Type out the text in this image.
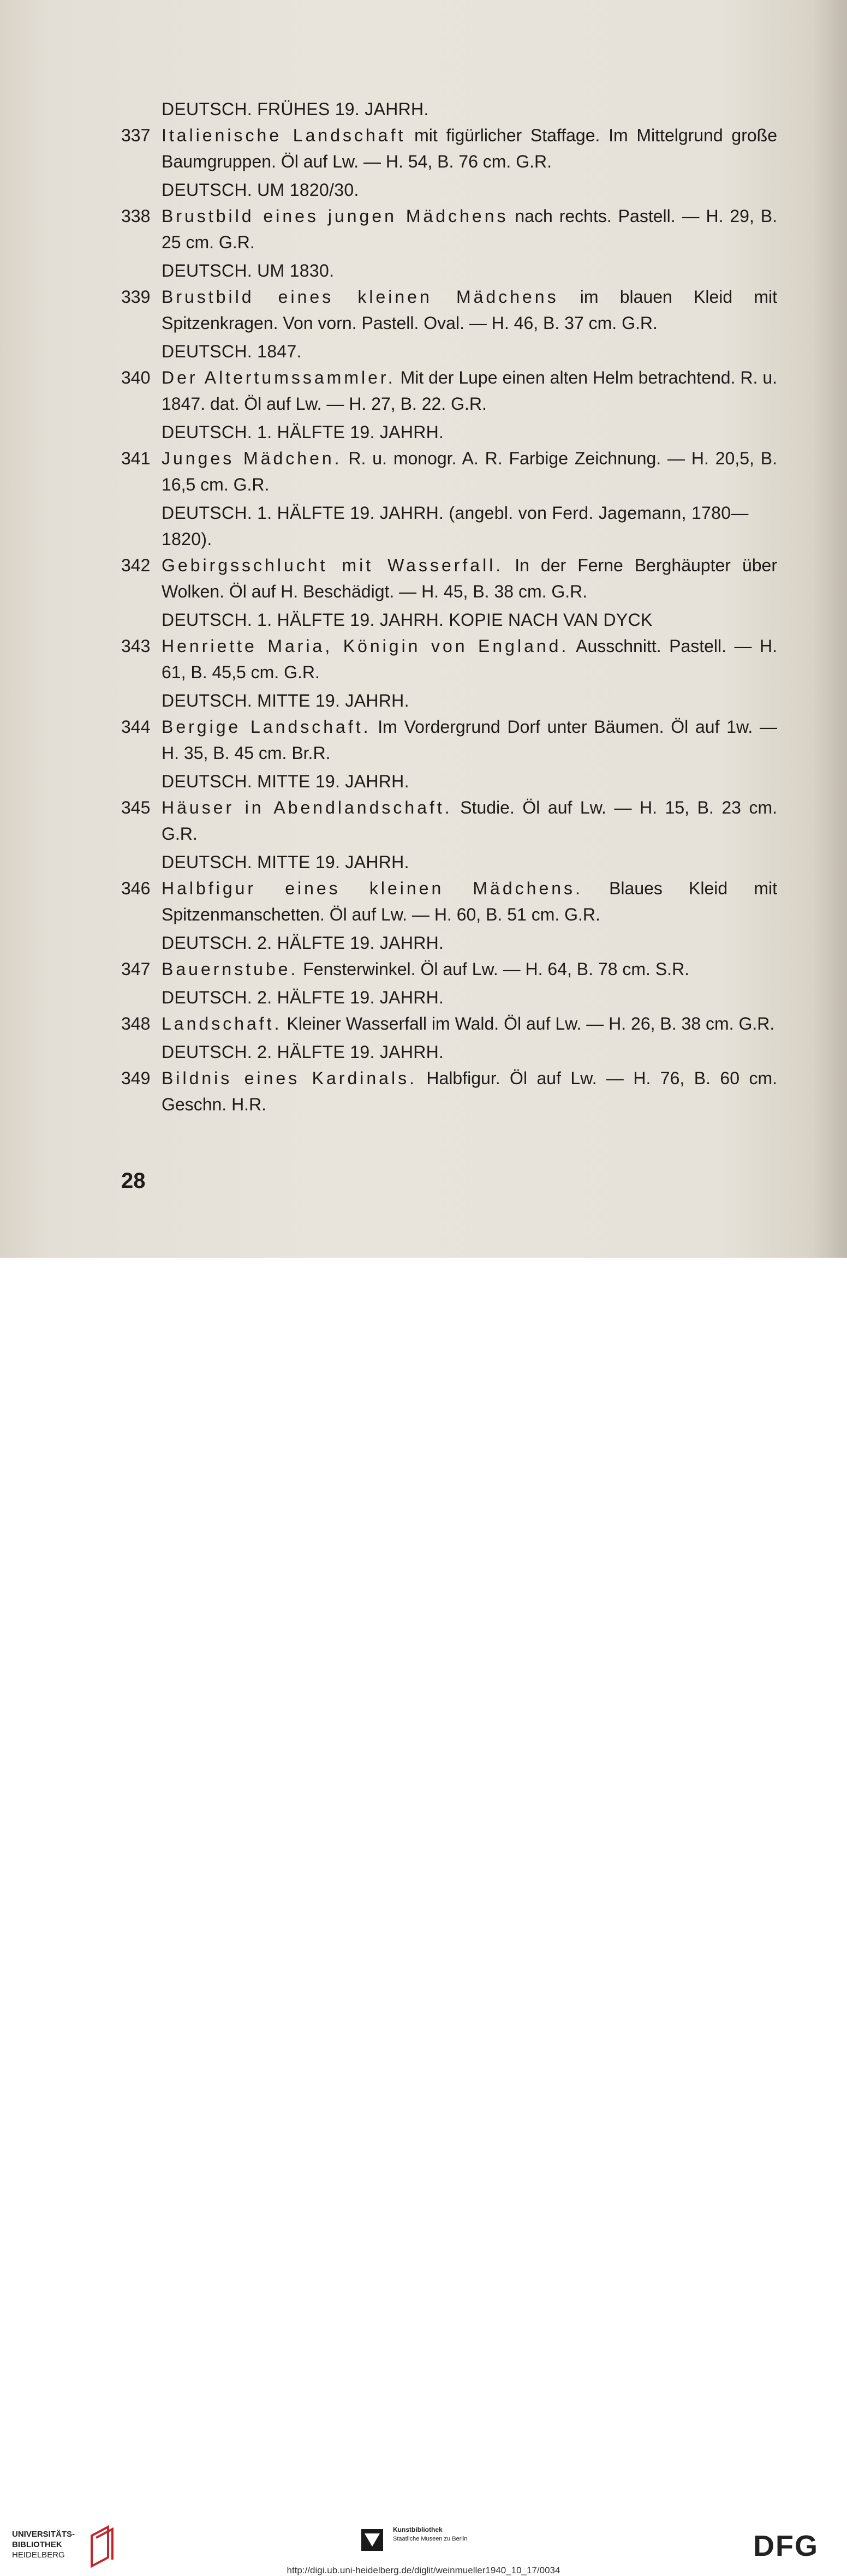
DEUTSCH. FRÜHES 19. JAHRH.
337 Italienische Landschaft mit figürlicher Staffage. Im Mittelgrund große Baumgruppen. Öl auf Lw. — H. 54, B. 76 cm. G.R.
DEUTSCH. UM 1820/30.
338 Brustbild eines jungen Mädchens nach rechts. Pastell. — H. 29, B. 25 cm. G.R.
DEUTSCH. UM 1830.
339 Brustbild eines kleinen Mädchens im blauen Kleid mit Spitzenkragen. Von vorn. Pastell. Oval. — H. 46, B. 37 cm. G.R.
DEUTSCH. 1847.
340 Der Altertumssammler. Mit der Lupe einen alten Helm betrachtend. R. u. 1847. dat. Öl auf Lw. — H. 27, B. 22. G.R.
DEUTSCH. 1. HÄLFTE 19. JAHRH.
341 Junges Mädchen. R. u. monogr. A. R. Farbige Zeichnung. — H. 20,5, B. 16,5 cm. G.R.
DEUTSCH. 1. HÄLFTE 19. JAHRH. (angebl. von Ferd. Jagemann, 1780—1820).
342 Gebirgsschlucht mit Wasserfall. In der Ferne Berghäupter über Wolken. Öl auf H. Beschädigt. — H. 45, B. 38 cm. G.R.
DEUTSCH. 1. HÄLFTE 19. JAHRH. KOPIE NACH VAN DYCK
343 Henriette Maria, Königin von England. Ausschnitt. Pastell. — H. 61, B. 45,5 cm. G.R.
DEUTSCH. MITTE 19. JAHRH.
344 Bergige Landschaft. Im Vordergrund Dorf unter Bäumen. Öl auf 1w. — H. 35, B. 45 cm. Br.R.
DEUTSCH. MITTE 19. JAHRH.
345 Häuser in Abendlandschaft. Studie. Öl auf Lw. — H. 15, B. 23 cm. G.R.
DEUTSCH. MITTE 19. JAHRH.
346 Halbfigur eines kleinen Mädchens. Blaues Kleid mit Spitzenmanschetten. Öl auf Lw. — H. 60, B. 51 cm. G.R.
DEUTSCH. 2. HÄLFTE 19. JAHRH.
347 Bauernstube. Fensterwinkel. Öl auf Lw. — H. 64, B. 78 cm. S.R.
DEUTSCH. 2. HÄLFTE 19. JAHRH.
348 Landschaft. Kleiner Wasserfall im Wald. Öl auf Lw. — H. 26, B. 38 cm. G.R.
DEUTSCH. 2. HÄLFTE 19. JAHRH.
349 Bildnis eines Kardinals. Halbfigur. Öl auf Lw. — H. 76, B. 60 cm. Geschn. H.R.
28
UNIVERSITÄTS-
BIBLIOTHEK
HEIDELBERG
Kunstbibliothek
Staatliche Museen zu Berlin	DFG
http://digi.ub.uni-heidelberg.de/diglit/weinmueller1940_10_17/0034
